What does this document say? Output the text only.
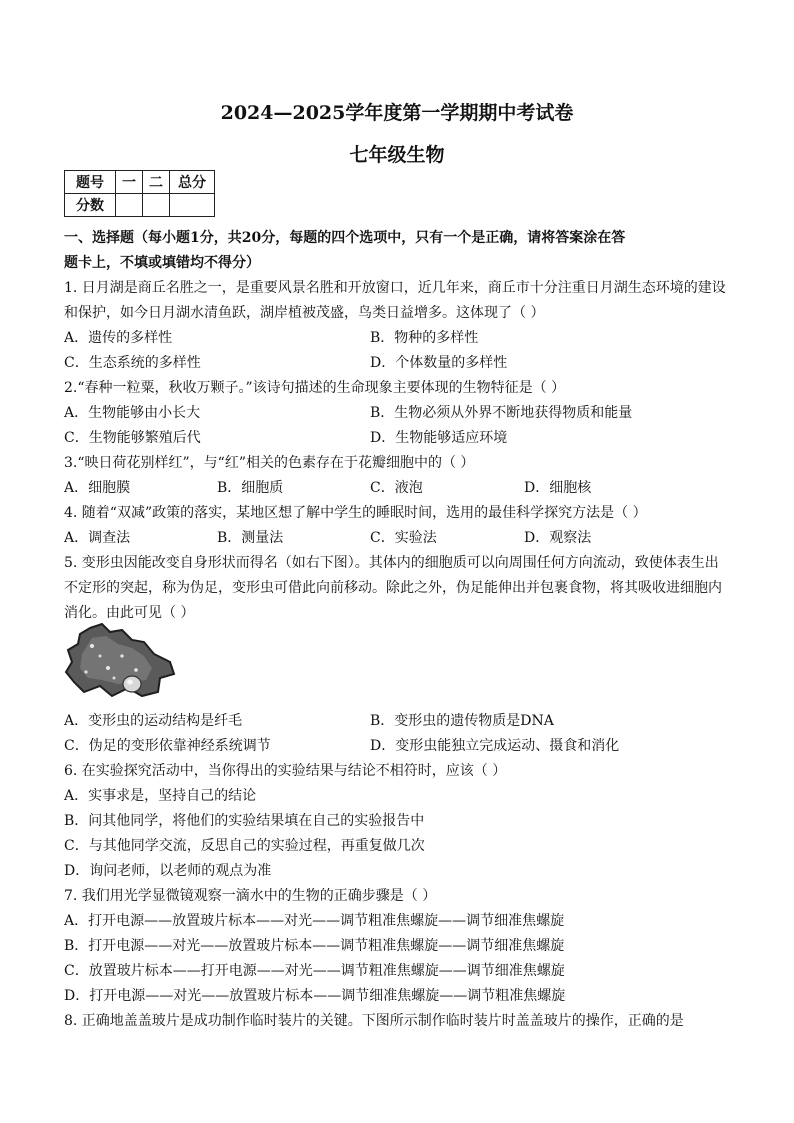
2024—2025学年度第一学期期中考试卷
七年级生物
题号	一	二	总分
分数			

一、选择题（每小题1分，共20分，每题的四个选项中，只有一个是正确，请将答案涂在答

题卡上，不填或填错均不得分）

1. 日月湖是商丘名胜之一，是重要风景名胜和开放窗口，近几年来，商丘市十分注重日月湖生态环境的建设

和保护，如今日月湖水清鱼跃，湖岸植被茂盛，鸟类日益增多。这体现了（ ）

A．遗传的多样性	B．物种的多样性
C．生态系统的多样性	D．个体数量的多样性

2.“春种一粒粟，秋收万颗子。”该诗句描述的生命现象主要体现的生物特征是（ ）

A．生物能够由小长大	B．生物必须从外界不断地获得物质和能量
C．生物能够繁殖后代	D．生物能够适应环境

3.“映日荷花别样红”，与“红”相关的色素存在于花瓣细胞中的（ ）

A．细胞膜	B．细胞质	C．液泡	D．细胞核

4. 随着“双减”政策的落实，某地区想了解中学生的睡眠时间，选用的最佳科学探究方法是（ ）

A．调查法	B．测量法	C．实验法	D．观察法

5. 变形虫因能改变自身形状而得名（如右下图）。其体内的细胞质可以向周围任何方向流动，致使体表生出

不定形的突起，称为伪足，变形虫可借此向前移动。除此之外，伪足能伸出并包裹食物，将其吸收进细胞内

消化。由此可见（ ）

A．变形虫的运动结构是纤毛	B．变形虫的遗传物质是DNA
C．伪足的变形依靠神经系统调节	D．变形虫能独立完成运动、摄食和消化

6. 在实验探究活动中，当你得出的实验结果与结论不相符时，应该（ ）

A．实事求是，坚持自己的结论
B．问其他同学，将他们的实验结果填在自己的实验报告中
C．与其他同学交流，反思自己的实验过程，再重复做几次
D．询问老师，以老师的观点为准

7. 我们用光学显微镜观察一滴水中的生物的正确步骤是（ ）

A．打开电源——放置玻片标本——对光——调节粗准焦螺旋——调节细准焦螺旋
B．打开电源——对光——放置玻片标本——调节粗准焦螺旋——调节细准焦螺旋
C．放置玻片标本——打开电源——对光——调节粗准焦螺旋——调节细准焦螺旋
D．打开电源——对光——放置玻片标本——调节细准焦螺旋——调节粗准焦螺旋

8. 正确地盖盖玻片是成功制作临时装片的关键。下图所示制作临时装片时盖盖玻片的操作，正确的是
